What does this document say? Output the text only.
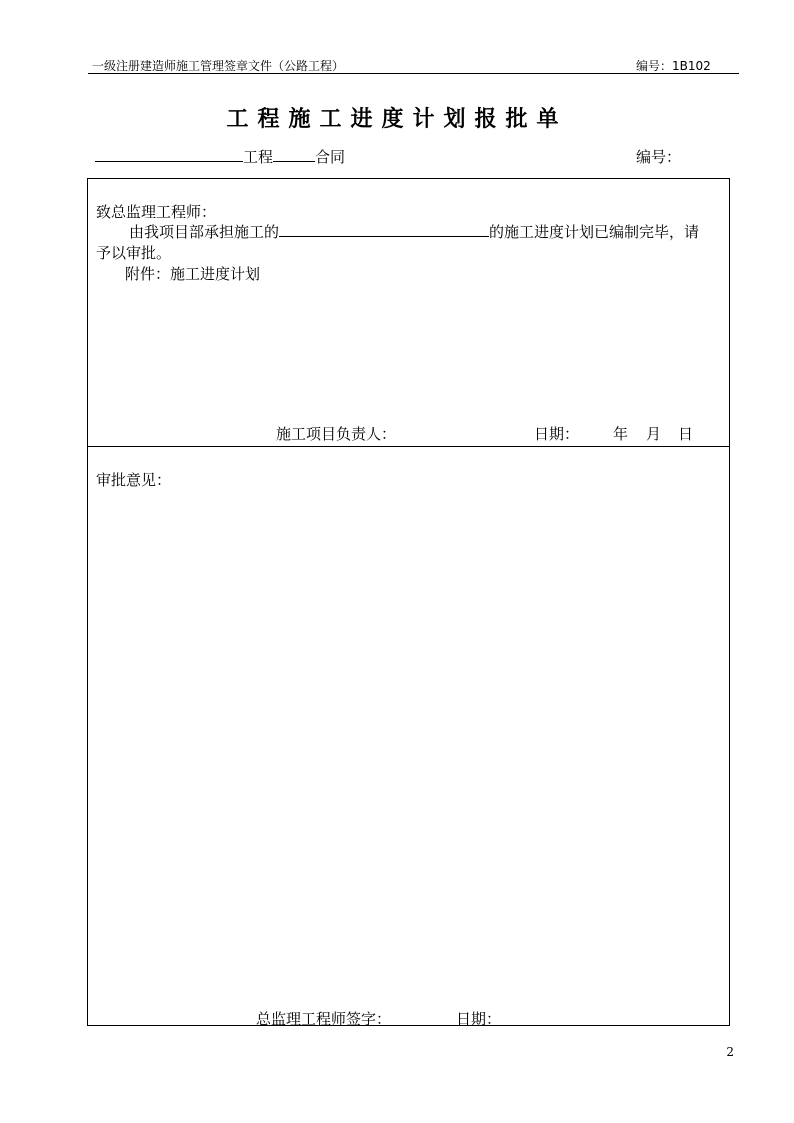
一级注册建造师施工管理签章文件（公路工程）	编号：1B102
工程施工进度计划报批单
工程	合同	编号：
致总监理工程师：
由我项目部承担施工的	的施工进度计划已编制完毕，请
予以审批。
附件：施工进度计划
施工项目负责人：	日期： 年 月 日
审批意见：
总监理工程师签字：	日期：
2
